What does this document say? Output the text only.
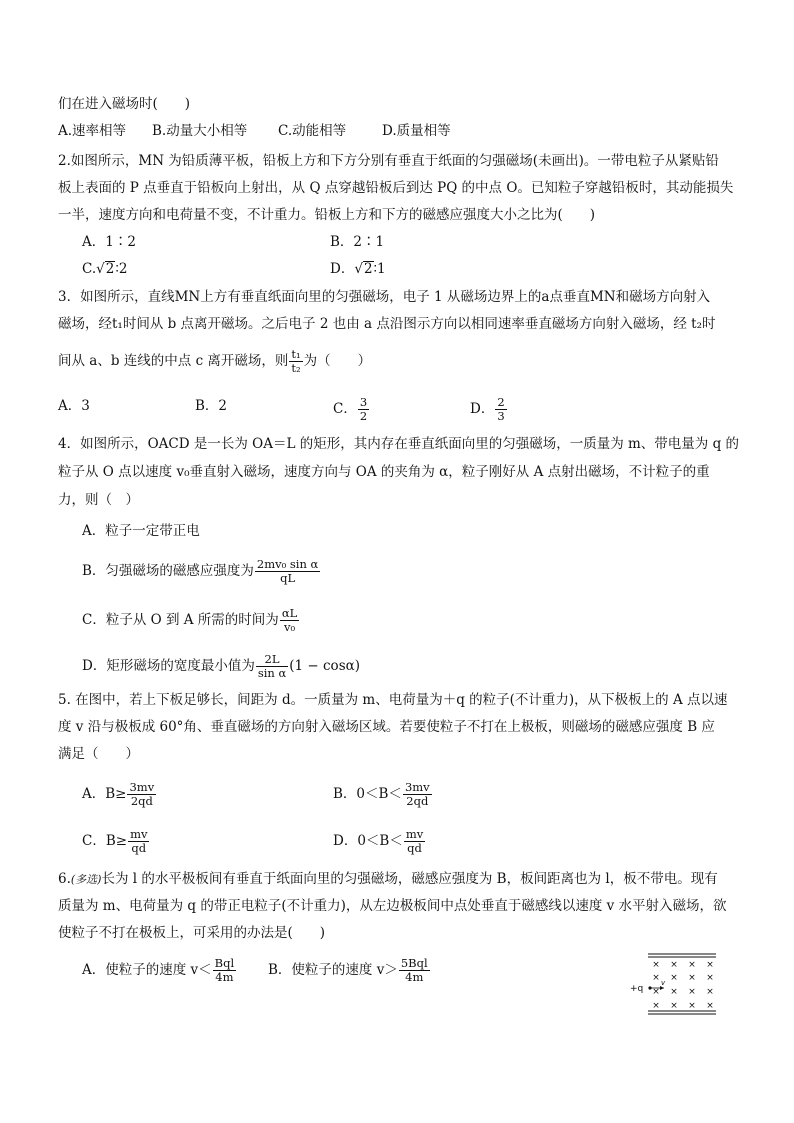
们在进入磁场时(　　)
A.速率相等 B.动量大小相等 C.动能相等	D.质量相等
2.如图所示，MN 为铅质薄平板，铅板上方和下方分别有垂直于纸面的匀强磁场(未画出)。一带电粒子从紧贴铅
板上表面的 P 点垂直于铅板向上射出，从 Q 点穿越铅板后到达 PQ 的中点 O。已知粒子穿越铅板时，其动能损失
一半，速度方向和电荷量不变，不计重力。铅板上方和下方的磁感应强度大小之比为(　　)
A．1∶2	B．2∶1
C.√2∶2	D．√2∶1
3．如图所示，直线MN上方有垂直纸面向里的匀强磁场，电子 1 从磁场边界上的a点垂直MN和磁场方向射入
磁场，经t₁时间从 b 点离开磁场。之后电子 2 也由 a 点沿图示方向以相同速率垂直磁场方向射入磁场，经 t₂时
间从 a、b 连线的中点 c 离开磁场，则 $\frac{\text{t₁}}{\text{t₂}}$ 为（　　）
A．3	B．2	C． $\frac{3}{2}$	D． $\frac{2}{3}$
4．如图所示，OACD 是一长为 OA＝L 的矩形，其内存在垂直纸面向里的匀强磁场，一质量为 m、带电量为 q 的
粒子从 O 点以速度 v₀垂直射入磁场，速度方向与 OA 的夹角为 α，粒子刚好从 A 点射出磁场，不计粒子的重
力，则（　）
A．粒子一定带正电
B．匀强磁场的磁感应强度为 $\frac{\text{2mv₀ sin α}}{qL}$
C．粒子从 O 到 A 所需的时间为 $\frac{\alpha L}{\text{v₀}}$
D．矩形磁场的宽度最小值为 $\frac{2L}{\text{sin α}} (1 - \cos\alpha)$
5. 在图中，若上下板足够长，间距为 d。一质量为 m、电荷量为＋q 的粒子(不计重力)，从下极板上的 A 点以速
度 v 沿与极板成 60°角、垂直磁场的方向射入磁场区域。若要使粒子不打在上极板，则磁场的磁感应强度 B 应
满足（　　）
A．$B\ge \frac{3mv}{2qd}$	B．$0<B< \frac{3mv}{2qd}$
C．$B\ge \frac{mv}{qd}$	D．$0<B< \frac{mv}{qd}$
6.(多选)长为 l 的水平极板间有垂直于纸面向里的匀强磁场，磁感应强度为 B，板间距离也为 l，板不带电。现有
质量为 m、电荷量为 q 的带正电粒子(不计重力)，从左边极板间中点处垂直于磁感线以速度 v 水平射入磁场，欲
使粒子不打在极板上，可采用的办法是(　　)
A．使粒子的速度 v＜ Bql
4m	B．使粒子的速度 v＞ 5Bql
4m
× × × ×
× × × ×
× × × ×
× × × ×
+q
v
